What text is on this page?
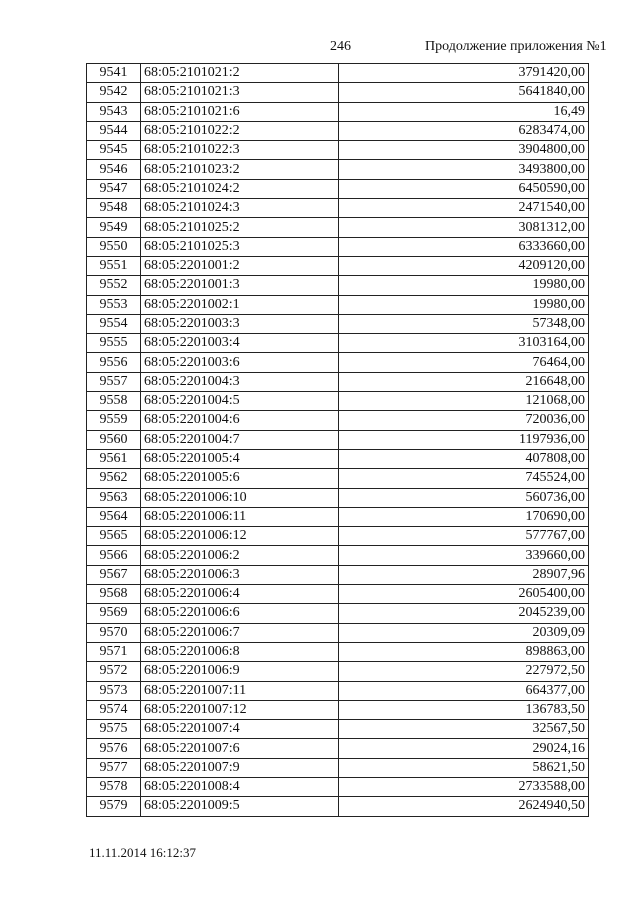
246	Продолжение приложения №1
9541	68:05:2101021:2	3791420,00
9542	68:05:2101021:3	5641840,00
9543	68:05:2101021:6	16,49
9544	68:05:2101022:2	6283474,00
9545	68:05:2101022:3	3904800,00
9546	68:05:2101023:2	3493800,00
9547	68:05:2101024:2	6450590,00
9548	68:05:2101024:3	2471540,00
9549	68:05:2101025:2	3081312,00
9550	68:05:2101025:3	6333660,00
9551	68:05:2201001:2	4209120,00
9552	68:05:2201001:3	19980,00
9553	68:05:2201002:1	19980,00
9554	68:05:2201003:3	57348,00
9555	68:05:2201003:4	3103164,00
9556	68:05:2201003:6	76464,00
9557	68:05:2201004:3	216648,00
9558	68:05:2201004:5	121068,00
9559	68:05:2201004:6	720036,00
9560	68:05:2201004:7	1197936,00
9561	68:05:2201005:4	407808,00
9562	68:05:2201005:6	745524,00
9563	68:05:2201006:10	560736,00
9564	68:05:2201006:11	170690,00
9565	68:05:2201006:12	577767,00
9566	68:05:2201006:2	339660,00
9567	68:05:2201006:3	28907,96
9568	68:05:2201006:4	2605400,00
9569	68:05:2201006:6	2045239,00
9570	68:05:2201006:7	20309,09
9571	68:05:2201006:8	898863,00
9572	68:05:2201006:9	227972,50
9573	68:05:2201007:11	664377,00
9574	68:05:2201007:12	136783,50
9575	68:05:2201007:4	32567,50
9576	68:05:2201007:6	29024,16
9577	68:05:2201007:9	58621,50
9578	68:05:2201008:4	2733588,00
9579	68:05:2201009:5	2624940,50
11.11.2014 16:12:37
